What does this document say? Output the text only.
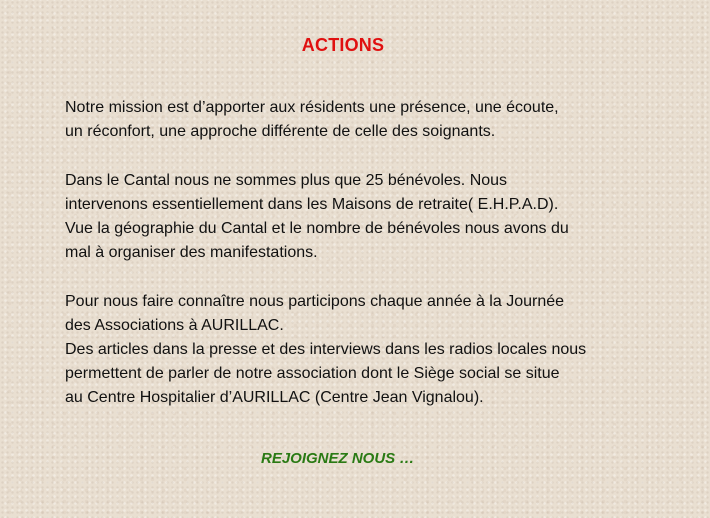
ACTIONS

Notre mission est d’apporter aux résidents une présence, une écoute,
un réconfort, une approche différente de celle des soignants.

Dans le Cantal nous ne sommes plus que 25 bénévoles. Nous
intervenons essentiellement dans les Maisons de retraite( E.H.P.A.D).
Vue la géographie du Cantal et le nombre de bénévoles nous avons du
mal à organiser des manifestations.

Pour nous faire connaître nous participons chaque année à la Journée
des Associations à AURILLAC.
Des articles dans la presse et des interviews dans les radios locales nous
permettent de parler de notre association dont le Siège social se situe
au Centre Hospitalier d’AURILLAC (Centre Jean Vignalou).

REJOIGNEZ NOUS …
